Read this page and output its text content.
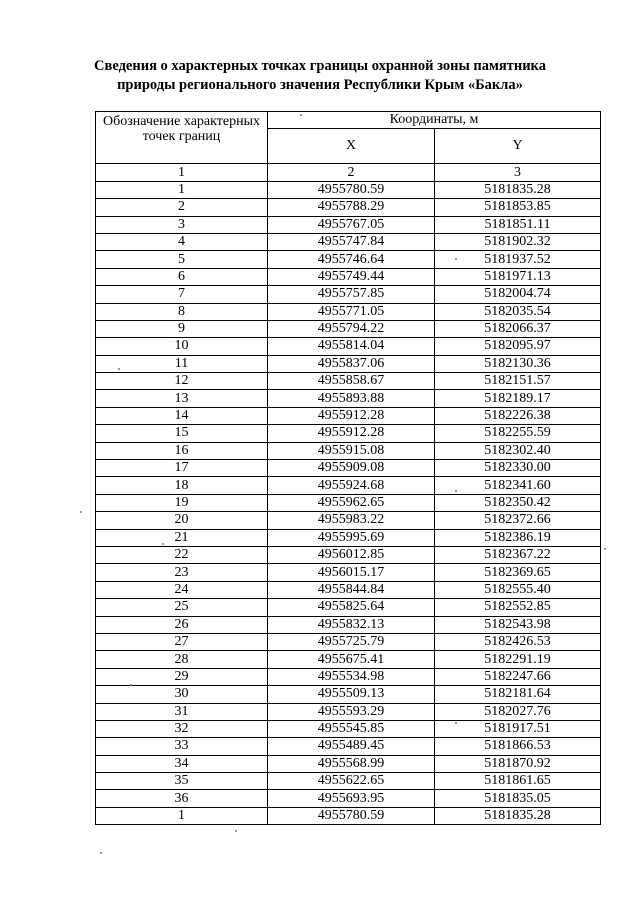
Сведения о характерных точках границы охранной зоны памятника
природы регионального значения Республики Крым «Бакла»
Обозначение характерных точек границ	Координаты, м	
	X	Y
1	2	3
1	4955780.59	5181835.28
2	4955788.29	5181853.85
3	4955767.05	5181851.11
4	4955747.84	5181902.32
5	4955746.64	5181937.52
6	4955749.44	5181971.13
7	4955757.85	5182004.74
8	4955771.05	5182035.54
9	4955794.22	5182066.37
10	4955814.04	5182095.97
11	4955837.06	5182130.36
12	4955858.67	5182151.57
13	4955893.88	5182189.17
14	4955912.28	5182226.38
15	4955912.28	5182255.59
16	4955915.08	5182302.40
17	4955909.08	5182330.00
18	4955924.68	5182341.60
19	4955962.65	5182350.42
20	4955983.22	5182372.66
21	4955995.69	5182386.19
22	4956012.85	5182367.22
23	4956015.17	5182369.65
24	4955844.84	5182555.40
25	4955825.64	5182552.85
26	4955832.13	5182543.98
27	4955725.79	5182426.53
28	4955675.41	5182291.19
29	4955534.98	5182247.66
30	4955509.13	5182181.64
31	4955593.29	5182027.76
32	4955545.85	5181917.51
33	4955489.45	5181866.53
34	4955568.99	5181870.92
35	4955622.65	5181861.65
36	4955693.95	5181835.05
1	4955780.59	5181835.28
